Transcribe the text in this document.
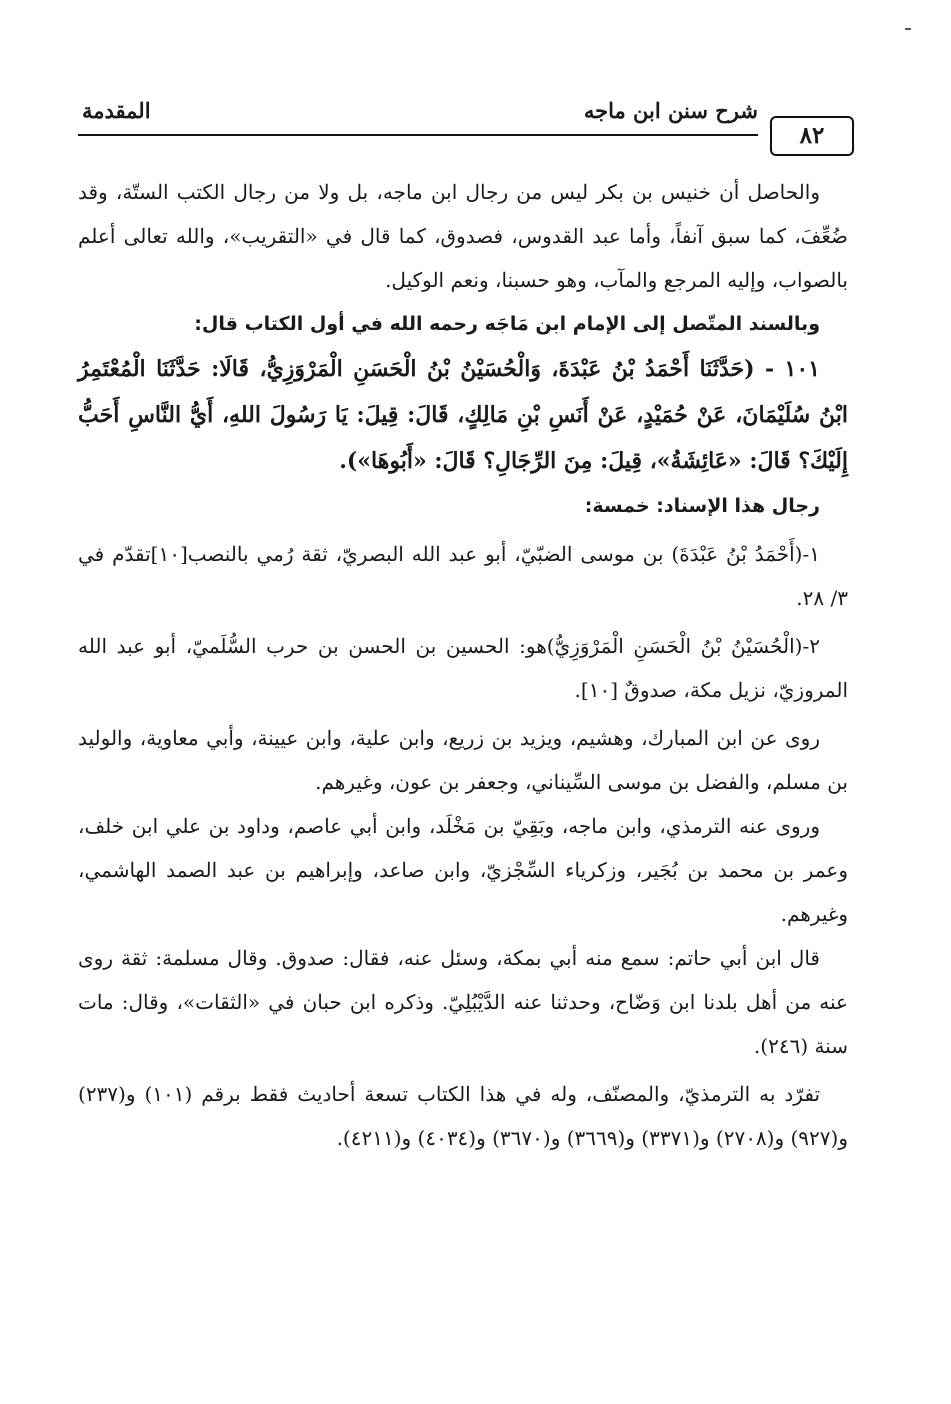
المقدمة	شرح سنن ابن ماجه
٨٢

والحاصل أن خنيس بن بكر ليس من رجال ابن ماجه، بل ولا من رجال الكتب الستّة، وقد ضُعِّفَ، كما سبق آنفاً، وأما عبد القدوس، فصدوق، كما قال في «التقريب»، والله تعالى أعلم بالصواب، وإليه المرجع والمآب، وهو حسبنا، ونعم الوكيل.

وبالسند المتّصل إلى الإمام ابن مَاجَه رحمه الله في أول الكتاب قال:

١٠١ - (حَدَّثَنَا أَحْمَدُ بْنُ عَبْدَةَ، وَالْحُسَيْنُ بْنُ الْحَسَنِ الْمَرْوَزِيُّ، قَالَا: حَدَّثَنَا الْمُعْتَمِرُ ابْنُ سُلَيْمَانَ، عَنْ حُمَيْدٍ، عَنْ أَنَسِ بْنِ مَالِكٍ، قَالَ: قِيلَ: يَا رَسُولَ اللهِ، أَيُّ النَّاسِ أَحَبُّ إِلَيْكَ؟ قَالَ: «عَائِشَةُ»، قِيلَ: مِنَ الرِّجَالِ؟ قَالَ: «أَبُوهَا»).

رجال هذا الإسناد: خمسة:

١-(أَحْمَدُ بْنُ عَبْدَةَ) بن موسى الضبّيّ، أبو عبد الله البصريّ، ثقة رُمي بالنصب[١٠]تقدّم في ٣/ ٢٨.

٢-(الْحُسَيْنُ بْنُ الْحَسَنِ الْمَرْوَزِيُّ)هو: الحسين بن الحسن بن حرب السُّلَميّ، أبو عبد الله المروزيّ، نزيل مكة، صدوقٌ [١٠].

روى عن ابن المبارك، وهشيم، ويزيد بن زريع، وابن علية، وابن عيينة، وأبي معاوية، والوليد بن مسلم، والفضل بن موسى السِّيناني، وجعفر بن عون، وغيرهم.

وروى عنه الترمذي، وابن ماجه، وبَقِيّ بن مَخْلَد، وابن أبي عاصم، وداود بن علي ابن خلف، وعمر بن محمد بن بُجَير، وزكرياء السِّجْزيّ، وابن صاعد، وإبراهيم بن عبد الصمد الهاشمي، وغيرهم.

قال ابن أبي حاتم: سمع منه أبي بمكة، وسئل عنه، فقال: صدوق. وقال مسلمة: ثقة روى عنه من أهل بلدنا ابن وَضّاح، وحدثنا عنه الدَّيْبُلِيّ. وذكره ابن حبان في «الثقات»، وقال: مات سنة (٢٤٦).

تفرّد به الترمذيّ، والمصنّف، وله في هذا الكتاب تسعة أحاديث فقط برقم (١٠١) و(٢٣٧) و(٩٢٧) و(٢٧٠٨) و(٣٣٧١) و(٣٦٦٩) و(٣٦٧٠) و(٤٠٣٤) و(٤٢١١).
